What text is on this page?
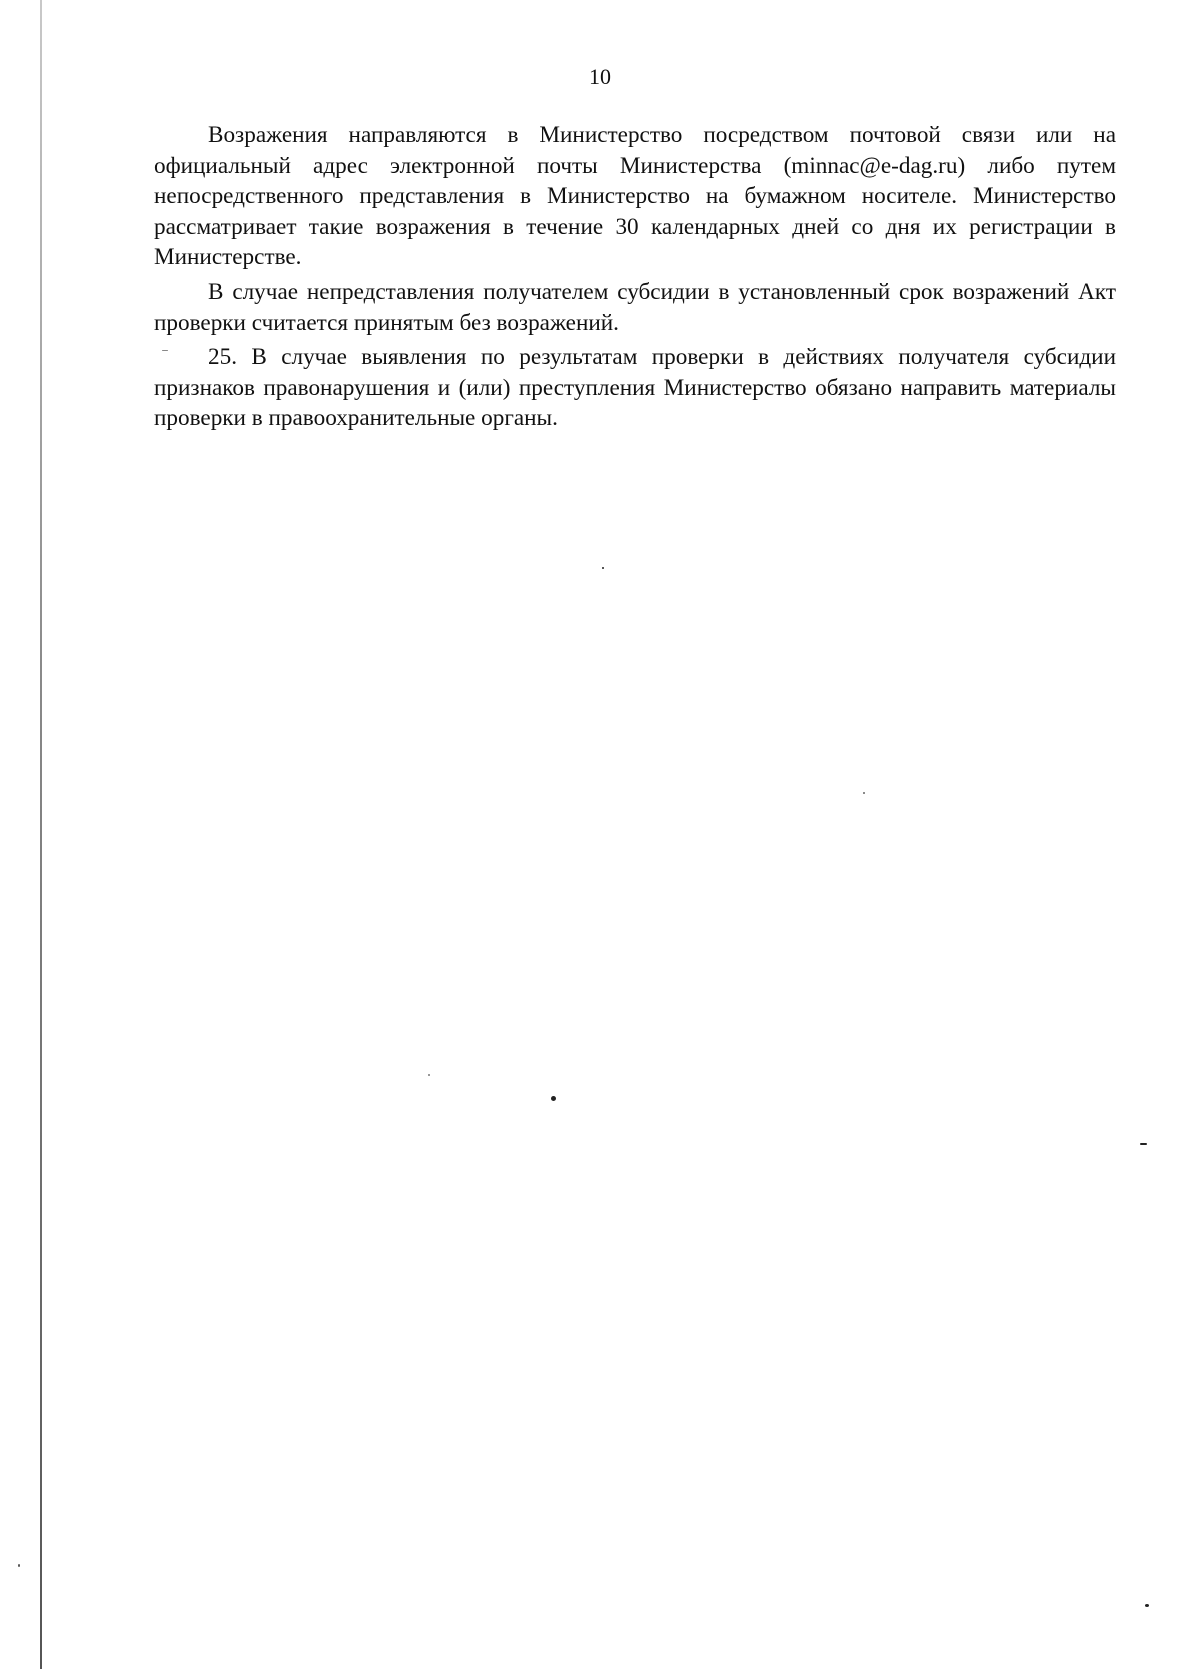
10

Возражения направляются в Министерство посредством почтовой связи или на официальный адрес электронной почты Министерства (minnac@e-dag.ru) либо путем непосредственного представления в Министерство на бумажном носителе. Министерство рассматривает такие возражения в течение 30 календарных дней со дня их регистрации в Министерстве.

В случае непредставления получателем субсидии в установленный срок возражений Акт проверки считается принятым без возражений.

25. В случае выявления по результатам проверки в действиях получателя субсидии признаков правонарушения и (или) преступления Министерство обязано направить материалы проверки в правоохранительные органы.
